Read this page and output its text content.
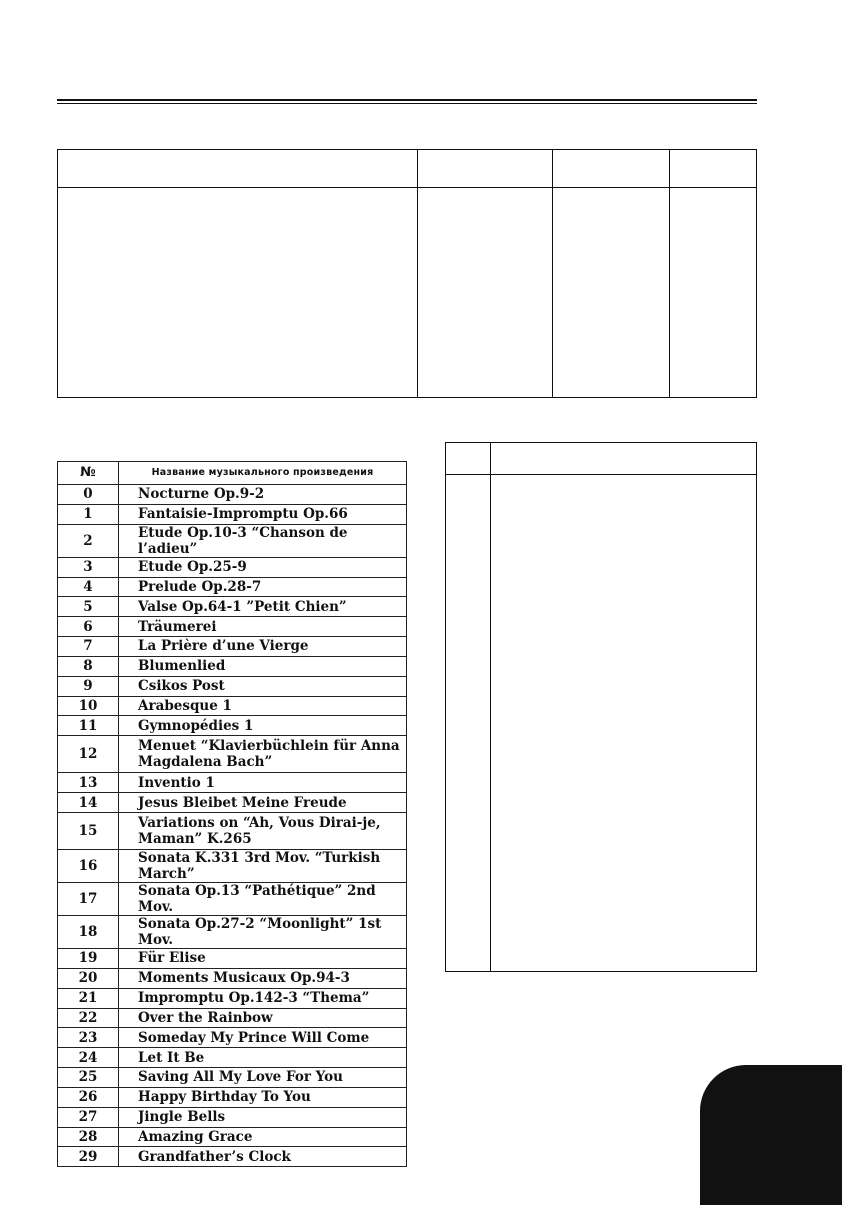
№	Название музыкального произведения
0	Nocturne Op.9-2
1	Fantaisie-Impromptu Op.66
2	Etude Op.10-3 “Chanson de l’adieu”
3	Etude Op.25-9
4	Prelude Op.28-7
5	Valse Op.64-1 ”Petit Chien”
6	Träumerei
7	La Prière d’une Vierge
8	Blumenlied
9	Csikos Post
10	Arabesque 1
11	Gymnopédies 1
12	Menuet “Klavierbüchlein für Anna Magdalena Bach”
13	Inventio 1
14	Jesus Bleibet Meine Freude
15	Variations on “Ah, Vous Dirai-je, Maman” K.265
16	Sonata K.331 3rd Mov. “Turkish March”
17	Sonata Op.13 “Pathétique” 2nd Mov.
18	Sonata Op.27-2 “Moonlight” 1st Mov.
19	Für Elise
20	Moments Musicaux Op.94-3
21	Impromptu Op.142-3 “Thema”
22	Over the Rainbow
23	Someday My Prince Will Come
24	Let It Be
25	Saving All My Love For You
26	Happy Birthday To You
27	Jingle Bells
28	Amazing Grace
29	Grandfather’s Clock
